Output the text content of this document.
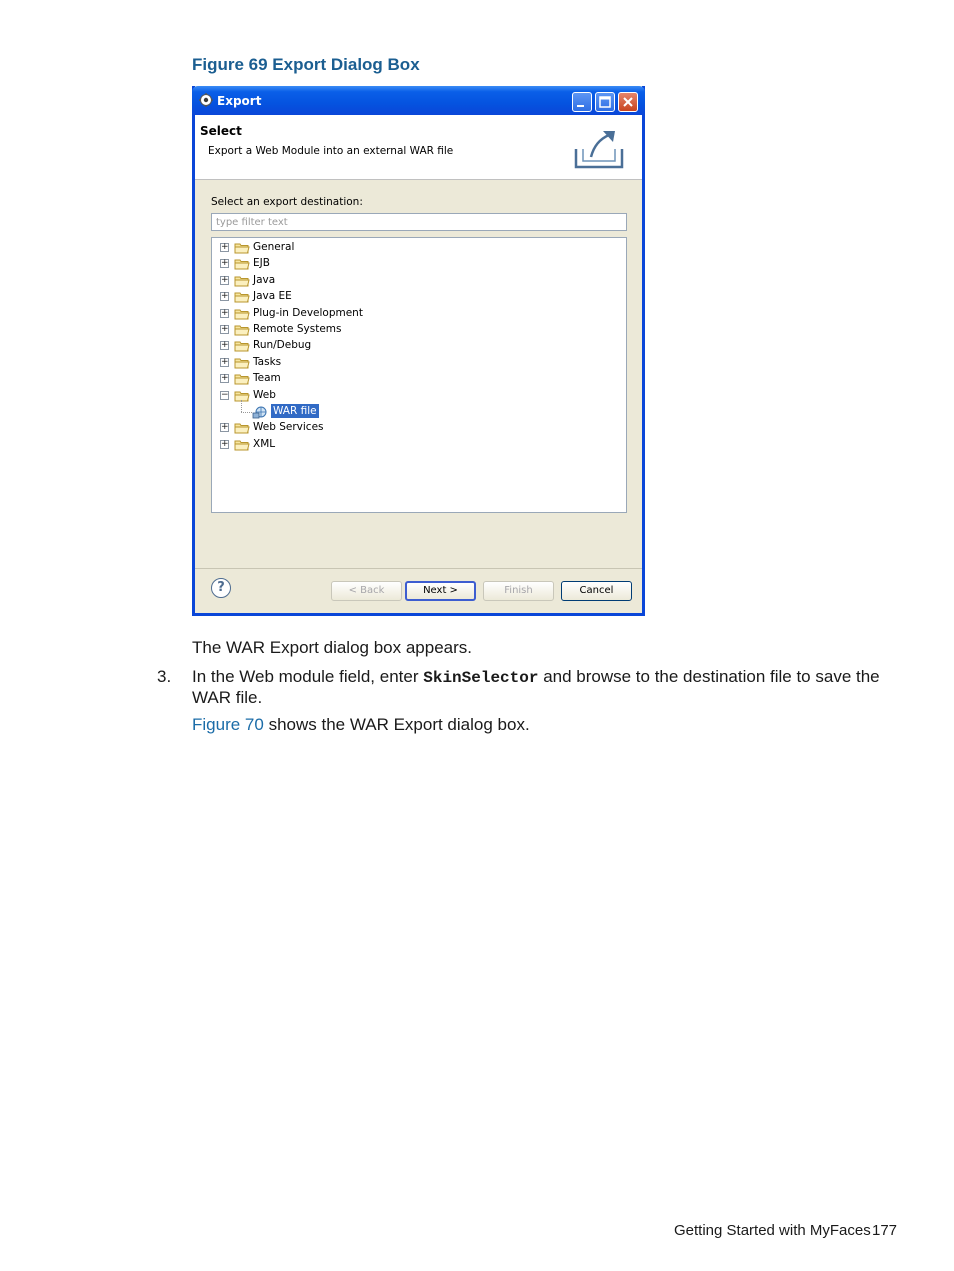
Figure 69 Export Dialog Box
Export
Select
Export a Web Module into an external WAR file
Select an export destination:
type filter text
+ General
+ EJB
+ Java
+ Java EE
+ Plug-in Development
+ Remote Systems
+ Run/Debug
+ Tasks
+ Team
− Web
WAR file
+ Web Services
+ XML
?	< Back	Next >	Finish	Cancel
The WAR Export dialog box appears.
3. In the Web module field, enter SkinSelector and browse to the destination file to save the
WAR file.
Figure 70 shows the WAR Export dialog box.
Getting Started with MyFaces 177
